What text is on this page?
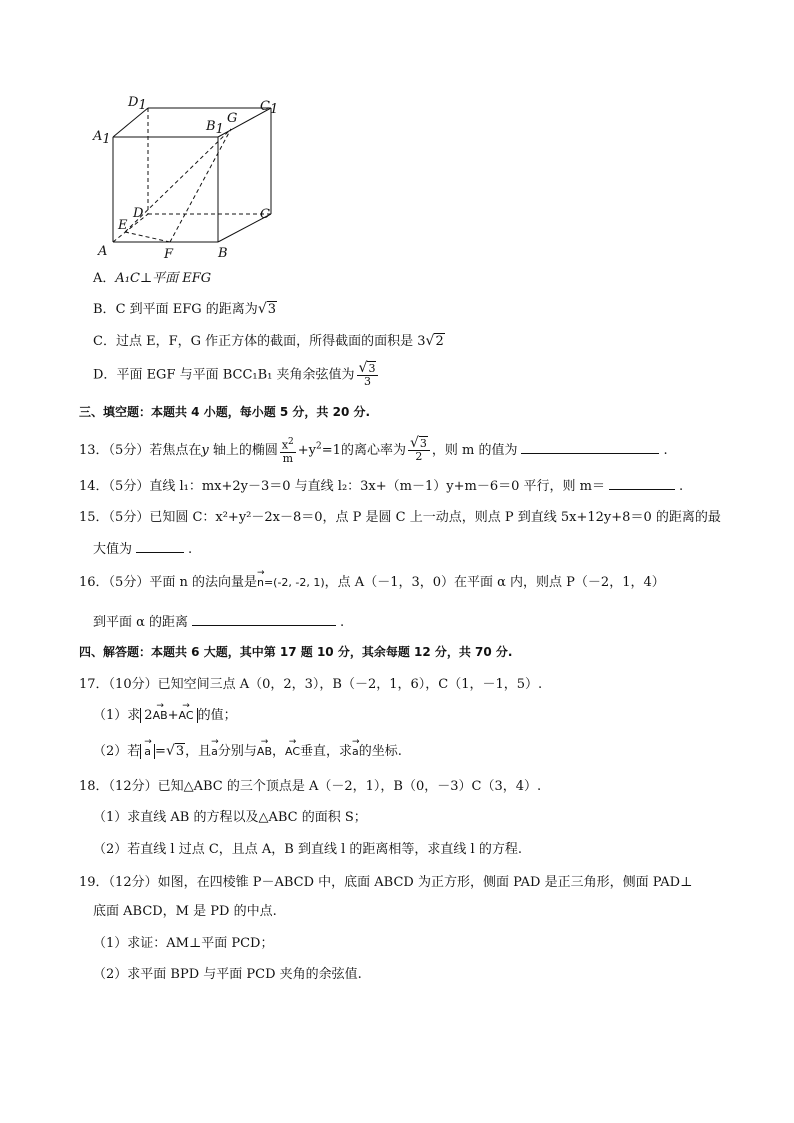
D1	C1
A1
B1
G
D	C
E
A	F	B
A．A₁C⊥平面 EFG
B．C 到平面 EFG 的距离为√3
C．过点 E，F，G 作正方体的截面，所得截面的面积是 3√2
D．平面 EGF 与平面 BCC₁B₁ 夹角余弦值为 $\frac{√3}{3}$
三、填空题：本题共 4 小题，每小题 5 分，共 20 分.
13．（5分）若焦点在y 轴上的椭圆 $\frac{x^2}{m} +y^2=1$的离心率为 $\frac{√3}{2}$ ，则 m 的值为	.
14．（5分）直线 l₁：mx+2y－3＝0 与直线 l₂：3x+（m－1）y+m－6＝0 平行，则 m＝	.
15．（5分）已知圆 C：x²+y²－2x－8＝0，点 P 是圆 C 上一动点，则点 P 到直线 5x+12y+8＝0 的距离的最
大值为	.
16．（5分）平面 n 的法向量是
→
n=(-2, -2, 1)，点 A（－1，3，0）在平面 α 内，则点 P（－2，1，4）
到平面 α 的距离	.
四、解答题：本题共 6 大题，其中第 17 题 10 分，其余每题 12 分，共 70 分.
17．（10分）已知空间三点 A（0，2，3），B（－2，1，6），C（1，－1，5）.
（1）求 2
→
AB+
→
AC 的值；
（2）若
→
a =√3，且
→
a分别与
→
AB，
→
AC垂直，求
→
a的坐标.
18．（12分）已知△ABC 的三个顶点是 A（－2，1），B（0，－3）C（3，4）.
（1）求直线 AB 的方程以及△ABC 的面积 S；
（2）若直线 l 过点 C，且点 A，B 到直线 l 的距离相等，求直线 l 的方程.
19．（12分）如图，在四棱锥 P－ABCD 中，底面 ABCD 为正方形，侧面 PAD 是正三角形，侧面 PAD⊥
底面 ABCD，M 是 PD 的中点.
（1）求证：AM⊥平面 PCD；
（2）求平面 BPD 与平面 PCD 夹角的余弦值.
